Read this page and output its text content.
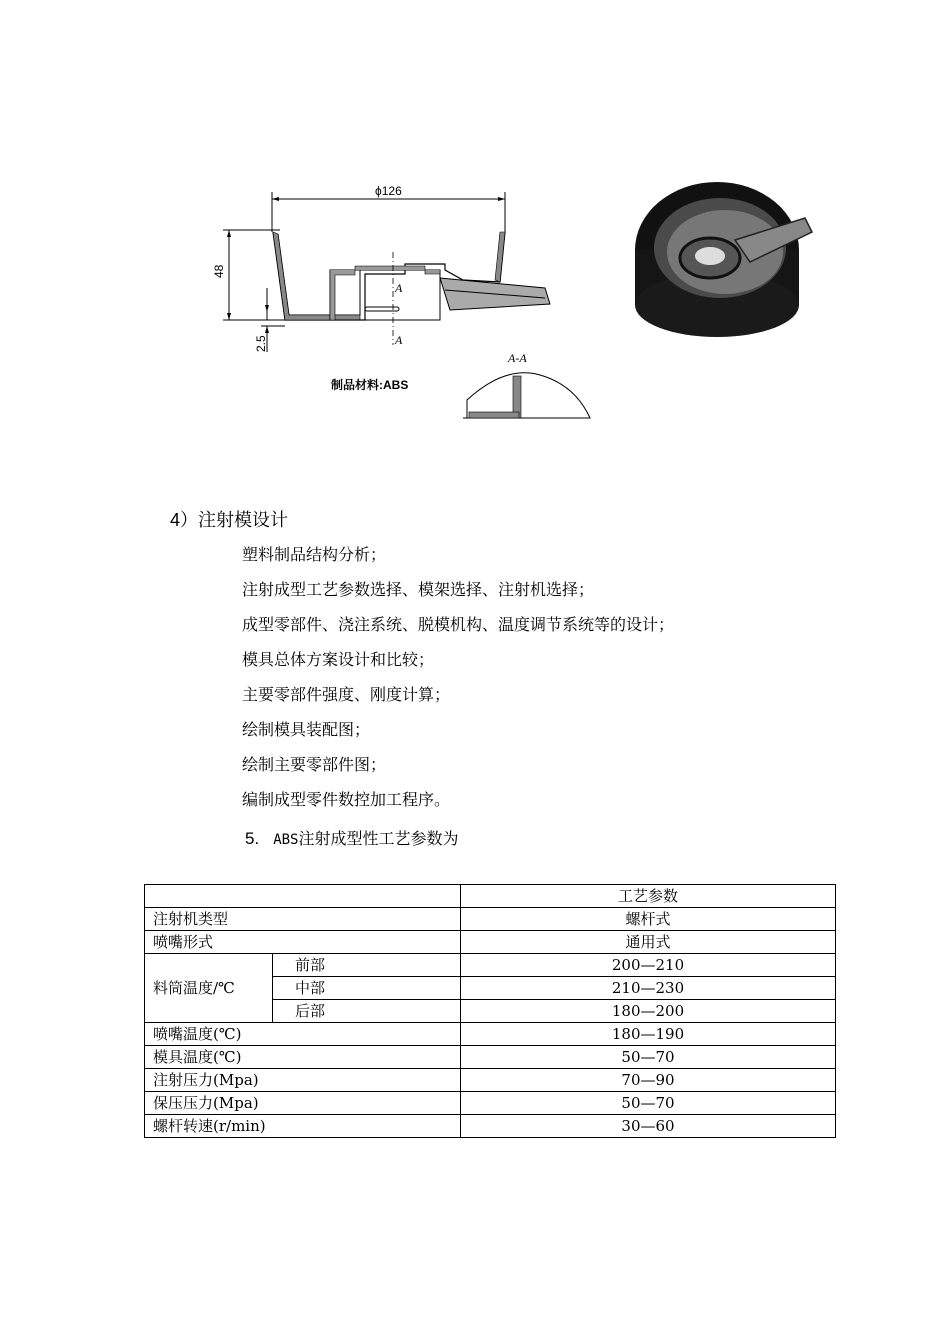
ϕ126
48
2.5
A
A
制品材料:ABS
A-A
4）注射模设计
塑料制品结构分析；
注射成型工艺参数选择、模架选择、注射机选择；
成型零部件、浇注系统、脱模机构、温度调节系统等的设计；
模具总体方案设计和比较；
主要零部件强度、刚度计算；
绘制模具装配图；
绘制主要零部件图；
编制成型零件数控加工程序。
5. ABS注射成型性工艺参数为
		工艺参数
注射机类型		螺杆式
喷嘴形式		通用式
料筒温度/℃	前部	200—210
	中部	210—230
	后部	180—200
喷嘴温度(℃)		180—190
模具温度(℃)		50—70
注射压力(Mpa)		70—90
保压压力(Mpa)		50—70
螺杆转速(r/min)		30—60
